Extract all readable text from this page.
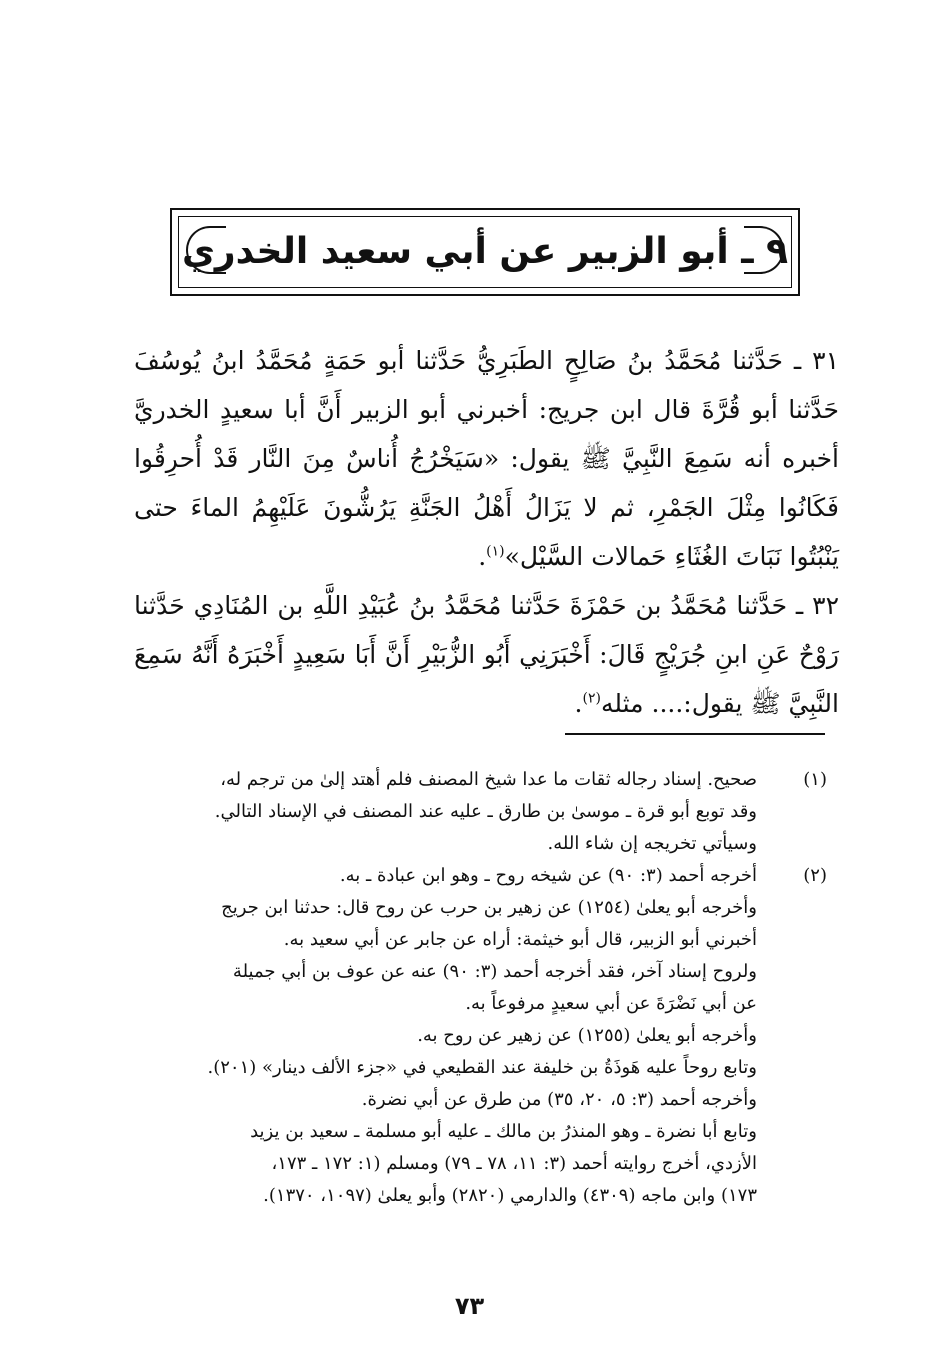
٩ ـ أبو الزبير عن أبي سعيد الخدري

٣١ ـ حَدَّثنا مُحَمَّدُ بنُ صَالِحٍ الطَبَرِيُّ حَدَّثنا أبو حَمَةٍ مُحَمَّدُ ابنُ يُوسُفَ حَدَّثنا أبو قُرَّةَ قال ابن جريج: أخبرني أبو الزبير أَنَّ أبا سعيدٍ الخدريَّ أخبره أنه سَمِعَ النَّبِيَّ ﷺ يقول: «سَيَخْرُجُ أُناسٌ مِنَ النَّار قَدْ أُحرِقُوا فَكَانُوا مِثْلَ الجَمْرِ، ثم لا يَزَالُ أَهْلُ الجَنَّةِ يَرُشُّونَ عَلَيْهِمُ الماءَ حتى يَنْبُتُوا نَبَاتَ الغُثَاءِ حَمالات السَّيْل»$^{(١)}$.

٣٢ ـ حَدَّثنا مُحَمَّدُ بن حَمْزَةَ حَدَّثنا مُحَمَّدُ بنُ عُبَيْدِ اللَّهِ بن المُنَادِي حَدَّثنا رَوْحٌ عَنِ ابنِ جُرَيْجٍ قَالَ: أَخْبَرَنِي أَبُو الزُّبَيْرِ أَنَّ أَبَا سَعِيدٍ أَخْبَرَهُ أَنَّهُ سَمِعَ النَّبِيَّ ﷺ يقول:.... مثله$^{(٢)}$.

(١)
صحيح. إسناد رجاله ثقات ما عدا شيخ المصنف فلم أهتد إلىٰ من ترجم له،
وقد توبع أبو قرة ـ موسىٰ بن طارق ـ عليه عند المصنف في الإسناد التالي.
وسيأتي تخريجه إن شاء الله.
(٢)
أخرجه أحمد (٣: ٩٠) عن شيخه روح ـ وهو ابن عبادة ـ به.
وأخرجه أبو يعلىٰ (١٢٥٤) عن زهير بن حرب عن روح قال: حدثنا ابن جريج
أخبرني أبو الزبير، قال أبو خيثمة: أراه عن جابر عن أبي سعيد به.
ولروح إسناد آخر، فقد أخرجه أحمد (٣: ٩٠) عنه عن عوف بن أبي جميلة
عن أبي نَضْرَةَ عن أبي سعيدٍ مرفوعاً به.
وأخرجه أبو يعلىٰ (١٢٥٥) عن زهير عن روح به.
وتابع روحاً عليه هَوذَةُ بن خليفة عند القطيعي في «جزء الألف دينار» (٢٠١).
وأخرجه أحمد (٣: ٥، ٢٠، ٣٥) من طرق عن أبي نضرة.
وتابع أبا نضرة ـ وهو المنذرُ بن مالك ـ عليه أبو مسلمة ـ سعيد بن يزيد
الأزدي، أخرج روايته أحمد (٣: ١١، ٧٨ ـ ٧٩) ومسلم (١: ١٧٢ ـ ١٧٣،
١٧٣) وابن ماجه (٤٣٠٩) والدارمي (٢٨٢٠) وأبو يعلىٰ (١٠٩٧، ١٣٧٠).
٧٣
